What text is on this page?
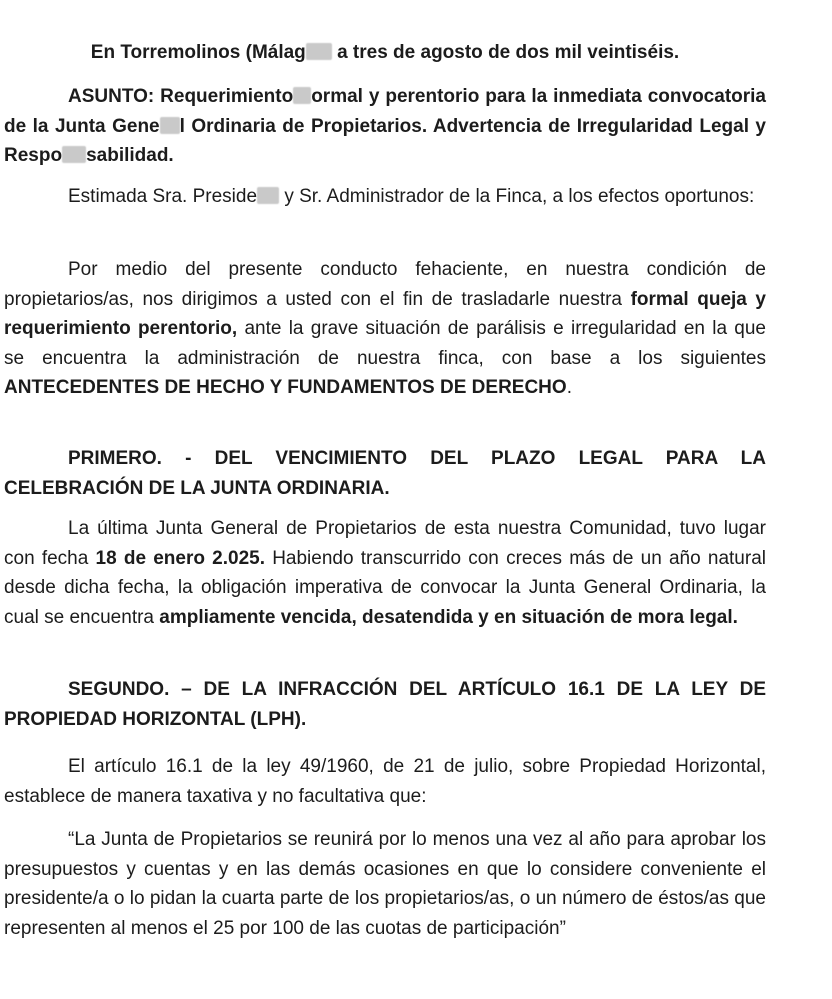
En Torremolinos (Málag a tres de agosto de dos mil veintiséis.

ASUNTO: Requerimiento ormal y perentorio para la inmediata convocatoria de la Junta Gene l Ordinaria de Propietarios. Advertencia de Irregularidad Legal y Respo sabilidad.

Estimada Sra. Preside y Sr. Administrador de la Finca, a los efectos oportunos:

Por medio del presente conducto fehaciente, en nuestra condición de propietarios/as, nos dirigimos a usted con el fin de trasladarle nuestra formal queja y requerimiento perentorio, ante la grave situación de parálisis e irregularidad en la que se encuentra la administración de nuestra finca, con base a los siguientes ANTECEDENTES DE HECHO Y FUNDAMENTOS DE DERECHO.

PRIMERO. - DEL VENCIMIENTO DEL PLAZO LEGAL PARA LA CELEBRACIÓN DE LA JUNTA ORDINARIA.

La última Junta General de Propietarios de esta nuestra Comunidad, tuvo lugar con fecha 18 de enero 2.025. Habiendo transcurrido con creces más de un año natural desde dicha fecha, la obligación imperativa de convocar la Junta General Ordinaria, la cual se encuentra ampliamente vencida, desatendida y en situación de mora legal.

SEGUNDO. – DE LA INFRACCIÓN DEL ARTÍCULO 16.1 DE LA LEY DE PROPIEDAD HORIZONTAL (LPH).

El artículo 16.1 de la ley 49/1960, de 21 de julio, sobre Propiedad Horizontal, establece de manera taxativa y no facultativa que:

“La Junta de Propietarios se reunirá por lo menos una vez al año para aprobar los presupuestos y cuentas y en las demás ocasiones en que lo considere conveniente el presidente/a o lo pidan la cuarta parte de los propietarios/as, o un número de éstos/as que representen al menos el 25 por 100 de las cuotas de participación”
